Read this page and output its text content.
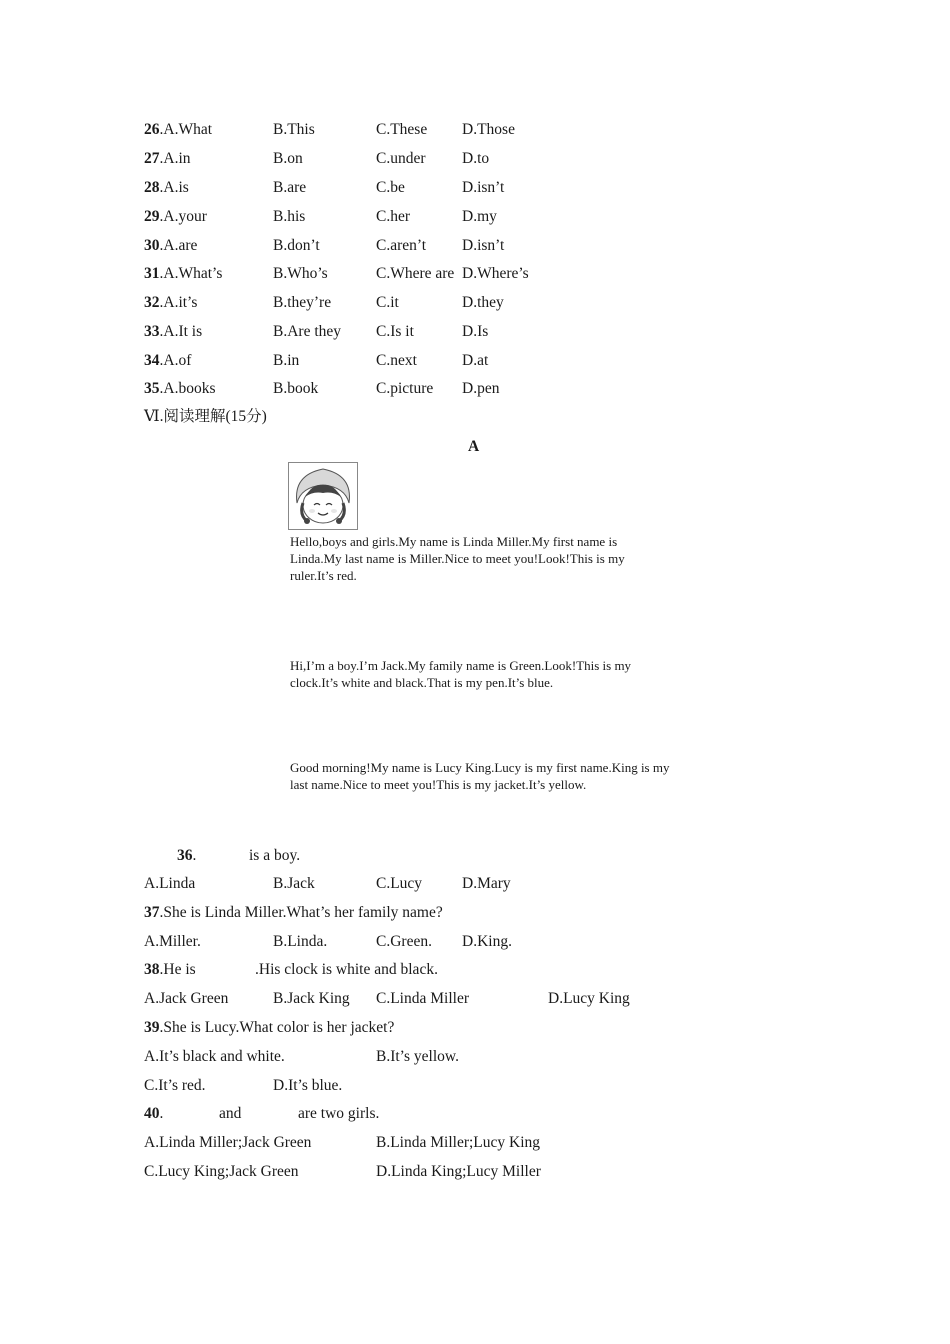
26.A.What	B.This	C.These D.Those
27.A.in	B.on	C.under D.to
28.A.is	B.are	C.be	D.isn’t
29.A.your	B.his	C.her	D.my
30.A.are	B.don’t	C.aren’t D.isn’t
31.A.What’s	B.Who’s	C.Where are D.Where’s
32.A.it’s	B.they’re	C.it	D.they
33.A.It is	B.Are they C.Is it	D.Is
34.A.of	B.in	C.next	D.at
35.A.books	B.book	C.picture D.pen
Ⅵ.阅读理解(15分)
A
Hello,boys and girls.My name is Linda Miller.My first name is Linda.My last name is Miller.Nice to meet you!Look!This is my ruler.It’s red.
Hi,I’m a boy.I’m Jack.My family name is Green.Look!This is my clock.It’s white and black.That is my pen.It’s blue.
Good morning!My name is Lucy King.Lucy is my first name.King is my last name.Nice to meet you!This is my jacket.It’s yellow.
36.	is a boy.
A.Linda	B.Jack	C.Lucy	D.Mary
37.She is Linda Miller.What’s her family name?
A.Miller.	B.Linda.	C.Green. D.King.
38.He is	.His clock is white and black.
A.Jack Green	B.Jack King C.Linda Miller	D.Lucy King
39.She is Lucy.What color is her jacket?
A.It’s black and white.	B.It’s yellow.
C.It’s red.	D.It’s blue.
40.	and	are two girls.
A.Linda Miller;Jack Green	B.Linda Miller;Lucy King
C.Lucy King;Jack Green	D.Linda King;Lucy Miller
